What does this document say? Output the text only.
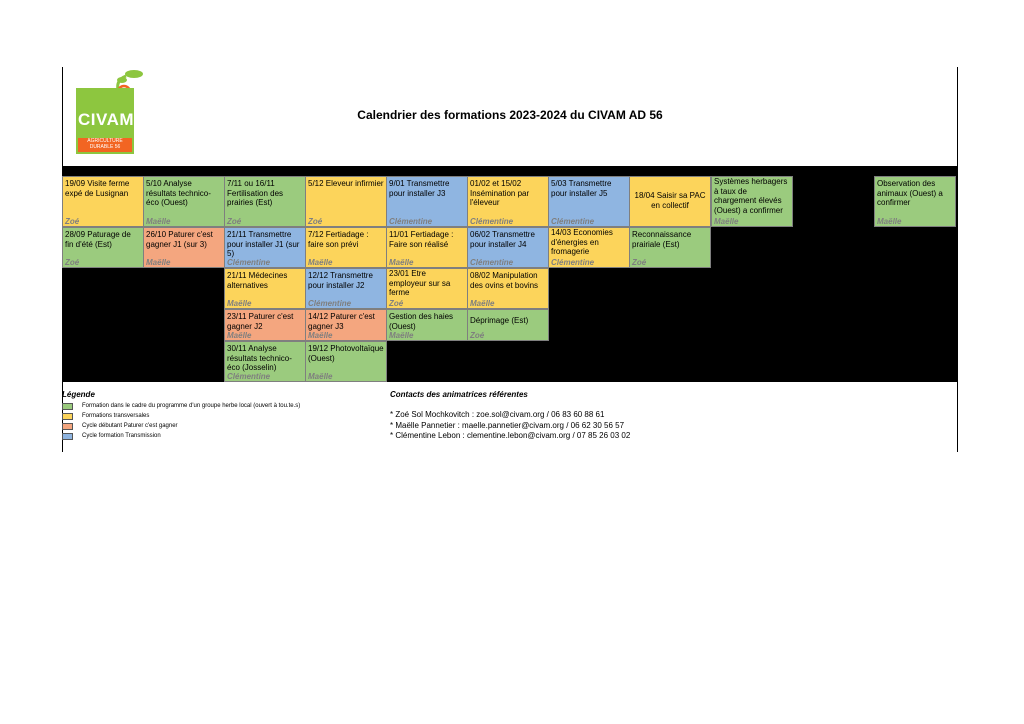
CIVAM
AGRICULTURE DURABLE 56
Calendrier des formations 2023-2024 du CIVAM AD 56
19/09 Visite ferme expé de Lusignan
Zoé
5/10 Analyse résultats technico-éco (Ouest)
Maëlle
7/11 ou 16/11 Fertilisation des prairies (Est)
Zoé
5/12 Eleveur infirmier
Zoé
9/01 Transmettre pour installer J3
Clémentine
01/02 et 15/02 Insémination par l'éleveur
Clémentine
5/03 Transmettre pour installer J5
Clémentine
18/04 Saisir sa PAC en collectif
Systèmes herbagers à taux de chargement élevés (Ouest) a confirmer
Maëlle
Observation des animaux (Ouest) a confirmer
Maëlle
28/09 Paturage de fin d'été (Est)
Zoé
26/10 Paturer c'est gagner J1 (sur 3)
Maëlle
21/11 Transmettre pour installer J1 (sur 5)
Clémentine
7/12 Fertiadage : faire son prévi
Maëlle
11/01 Fertiadage : Faire son réalisé
Maëlle
06/02 Transmettre pour installer J4
Clémentine
14/03 Economies d'énergies en fromagerie
Clémentine
Reconnaissance prairiale (Est)
Zoé
21/11 Médecines alternatives
Maëlle
12/12 Transmettre pour installer J2
Clémentine
23/01 Etre employeur sur sa ferme
Zoé
08/02 Manipulation des ovins et bovins
Maëlle
23/11 Paturer c'est gagner J2
Maëlle
14/12 Paturer c'est gagner J3
Maëlle
Gestion des haies (Ouest)
Maëlle
Déprimage (Est)
Zoé
30/11 Analyse résultats technico-éco (Josselin)
Clémentine
19/12 Photovoltaïque (Ouest)
Maëlle
Légende
Formation dans le cadre du programme d'un groupe herbe local (ouvert à tou.te.s)
Formations transversales
Cycle débutant Paturer c'est gagner
Cycle formation Transmission
Contacts des animatrices référentes
* Zoé Sol Mochkovitch : zoe.sol@civam.org / 06 83 60 88 61
* Maëlle Pannetier : maelle.pannetier@civam.org / 06 62 30 56 57
* Clémentine Lebon : clementine.lebon@civam.org / 07 85 26 03 02
